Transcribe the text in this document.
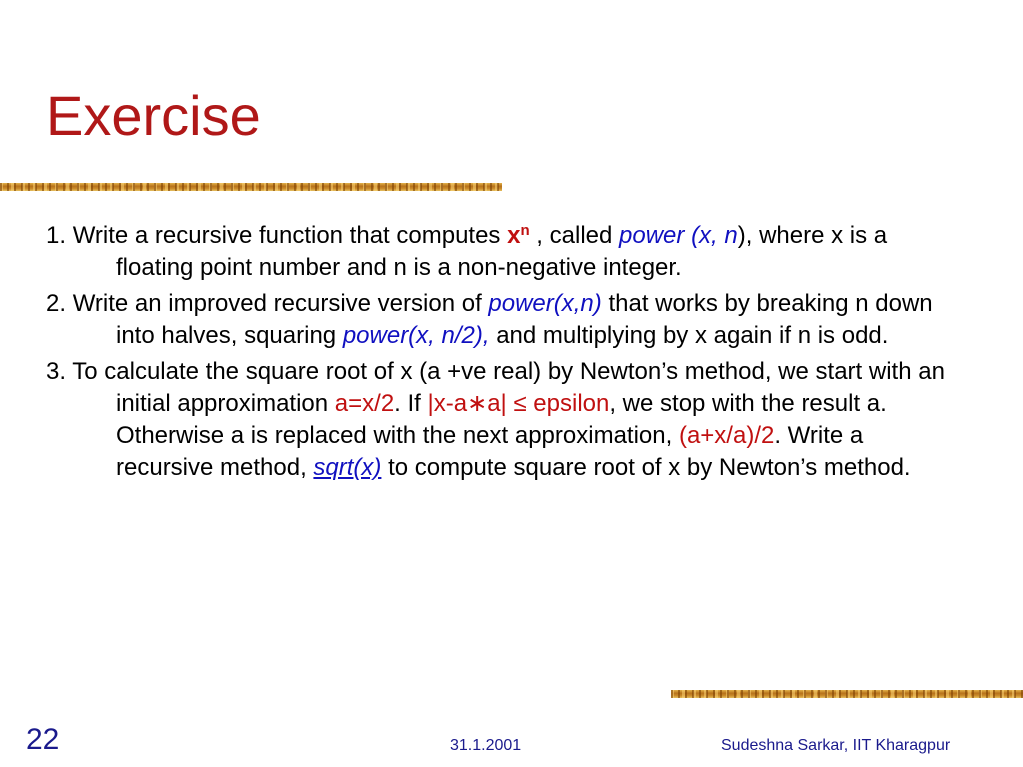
Exercise
1. Write a recursive function that computes $x^n$ , called power (x, n), where x is a floating point number and n is a non-negative integer.
2. Write an improved recursive version of power(x,n) that works by breaking n down into halves, squaring power(x, n/2), and multiplying by x again if n is odd.
3. To calculate the square root of x (a +ve real) by Newton’s method, we start with an initial approximation a=x/2. If |x-a∗a| ≤ epsilon, we stop with the result a. Otherwise a is replaced with the next approximation, (a+x/a)/2. Write a recursive method, sqrt(x) to compute square root of x by Newton’s method.
22	31.1.2001	Sudeshna Sarkar, IIT Kharagpur
